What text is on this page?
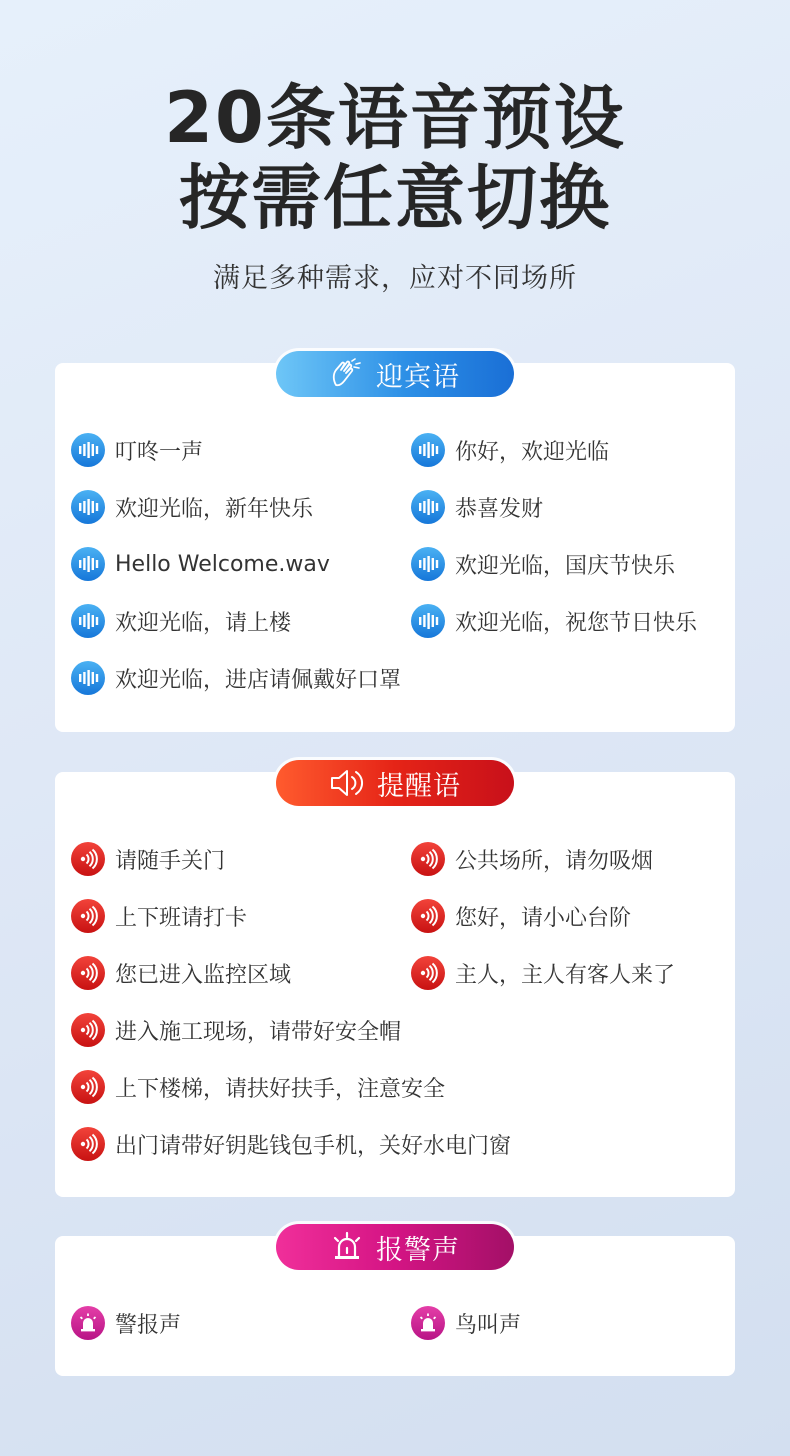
20条语音预设
按需任意切换
满足多种需求，应对不同场所
叮咚一声	你好，欢迎光临
欢迎光临，新年快乐	恭喜发财
Hello Welcome.wav	欢迎光临，国庆节快乐
欢迎光临，请上楼	欢迎光临，祝您节日快乐
欢迎光临，进店请佩戴好口罩
请随手关门	公共场所，请勿吸烟
上下班请打卡	您好，请小心台阶
您已进入监控区域	主人，主人有客人来了
进入施工现场，请带好安全帽
上下楼梯，请扶好扶手，注意安全
出门请带好钥匙钱包手机，关好水电门窗
警报声	鸟叫声
迎宾语
提醒语
报警声
